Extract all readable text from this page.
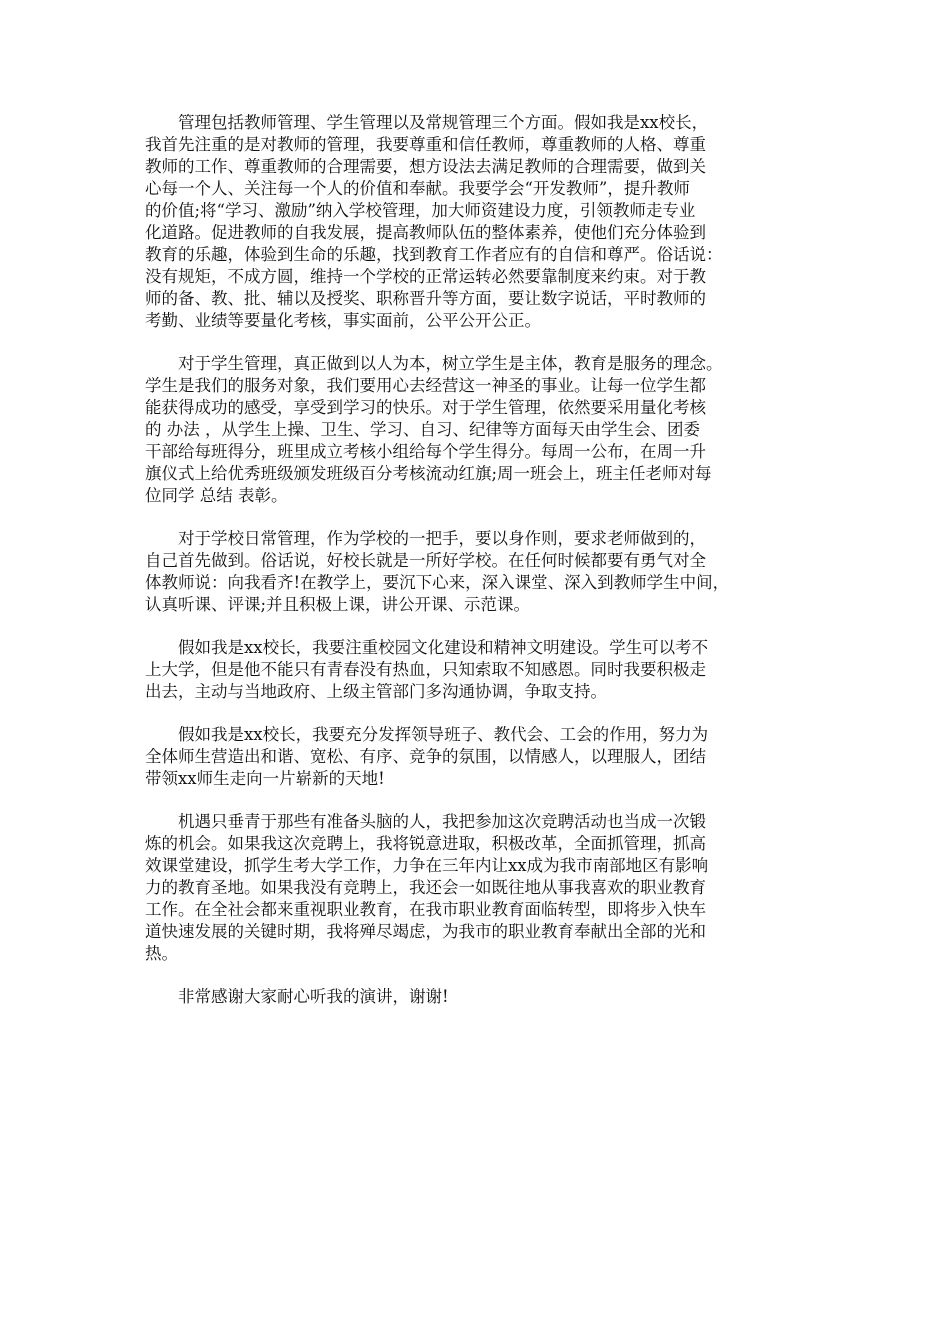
　　管理包括教师管理、学生管理以及常规管理三个方面。假如我是xx校长，
我首先注重的是对教师的管理，我要尊重和信任教师，尊重教师的人格、尊重
教师的工作、尊重教师的合理需要，想方设法去满足教师的合理需要，做到关
心每一个人、关注每一个人的价值和奉献。我要学会“开发教师”，提升教师
的价值;将“学习、激励”纳入学校管理，加大师资建设力度，引领教师走专业
化道路。促进教师的自我发展，提高教师队伍的整体素养，使他们充分体验到
教育的乐趣，体验到生命的乐趣，找到教育工作者应有的自信和尊严。俗话说：
没有规矩，不成方圆，维持一个学校的正常运转必然要靠制度来约束。对于教
师的备、教、批、辅以及授奖、职称晋升等方面，要让数字说话，平时教师的
考勤、业绩等要量化考核，事实面前，公平公开公正。

　　对于学生管理，真正做到以人为本，树立学生是主体，教育是服务的理念。
学生是我们的服务对象，我们要用心去经营这一神圣的事业。让每一位学生都
能获得成功的感受，享受到学习的快乐。对于学生管理，依然要采用量化考核
的 办法 ，从学生上操、卫生、学习、自习、纪律等方面每天由学生会、团委
干部给每班得分，班里成立考核小组给每个学生得分。每周一公布，在周一升
旗仪式上给优秀班级颁发班级百分考核流动红旗;周一班会上，班主任老师对每
位同学 总结 表彰。

　　对于学校日常管理，作为学校的一把手，要以身作则，要求老师做到的，
自己首先做到。俗话说，好校长就是一所好学校。在任何时候都要有勇气对全
体教师说：向我看齐!在教学上，要沉下心来，深入课堂、深入到教师学生中间，
认真听课、评课;并且积极上课，讲公开课、示范课。

　　假如我是xx校长，我要注重校园文化建设和精神文明建设。学生可以考不
上大学，但是他不能只有青春没有热血，只知索取不知感恩。同时我要积极走
出去，主动与当地政府、上级主管部门多沟通协调，争取支持。

　　假如我是xx校长，我要充分发挥领导班子、教代会、工会的作用，努力为
全体师生营造出和谐、宽松、有序、竞争的氛围，以情感人，以理服人，团结
带领xx师生走向一片崭新的天地!

　　机遇只垂青于那些有准备头脑的人，我把参加这次竞聘活动也当成一次锻
炼的机会。如果我这次竞聘上，我将锐意进取，积极改革，全面抓管理，抓高
效课堂建设，抓学生考大学工作，力争在三年内让xx成为我市南部地区有影响
力的教育圣地。如果我没有竞聘上，我还会一如既往地从事我喜欢的职业教育
工作。在全社会都来重视职业教育，在我市职业教育面临转型，即将步入快车
道快速发展的关键时期，我将殚尽竭虑，为我市的职业教育奉献出全部的光和
热。

　　非常感谢大家耐心听我的演讲，谢谢!
